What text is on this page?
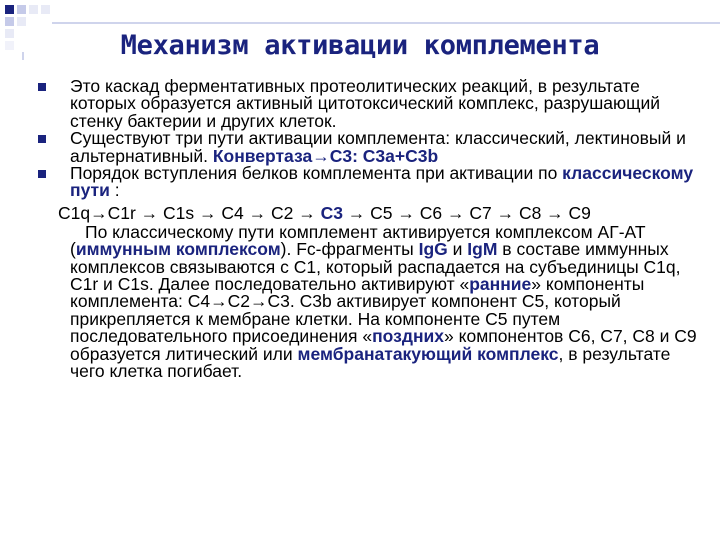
Механизм активации комплемента

Это каскад ферментативных протеолитических реакций, в результате которых образуется активный цитотоксический комплекс, разрушающий стенку бактерии и других клеток.

Существуют три пути активации комплемента: классический, лектиновый и альтернативный. Конвертаза→С3: С3а+С3b

Порядок вступления белков комплемента при активации по классическому пути :

C1q→C1r → C1s → C4 → C2 → C3 → C5 → C6 → C7 → C8 → C9

По классическому пути комплемент активируется комплексом АГ-АТ (иммунным комплексом). Fc-фрагменты IgG и IgM в составе иммунных комплексов связываются с С1, который распадается на субъединицы C1q, C1r и C1s. Далее последовательно активируют «ранние» компоненты комплемента: С4→С2→С3. С3b активирует компонент С5, который прикрепляется к мембране клетки. На компоненте С5 путем последовательного присоединения «поздних» компонентов С6, С7, С8 и С9 образуется литический или мембранатакующий комплекс, в результате чего клетка погибает.
